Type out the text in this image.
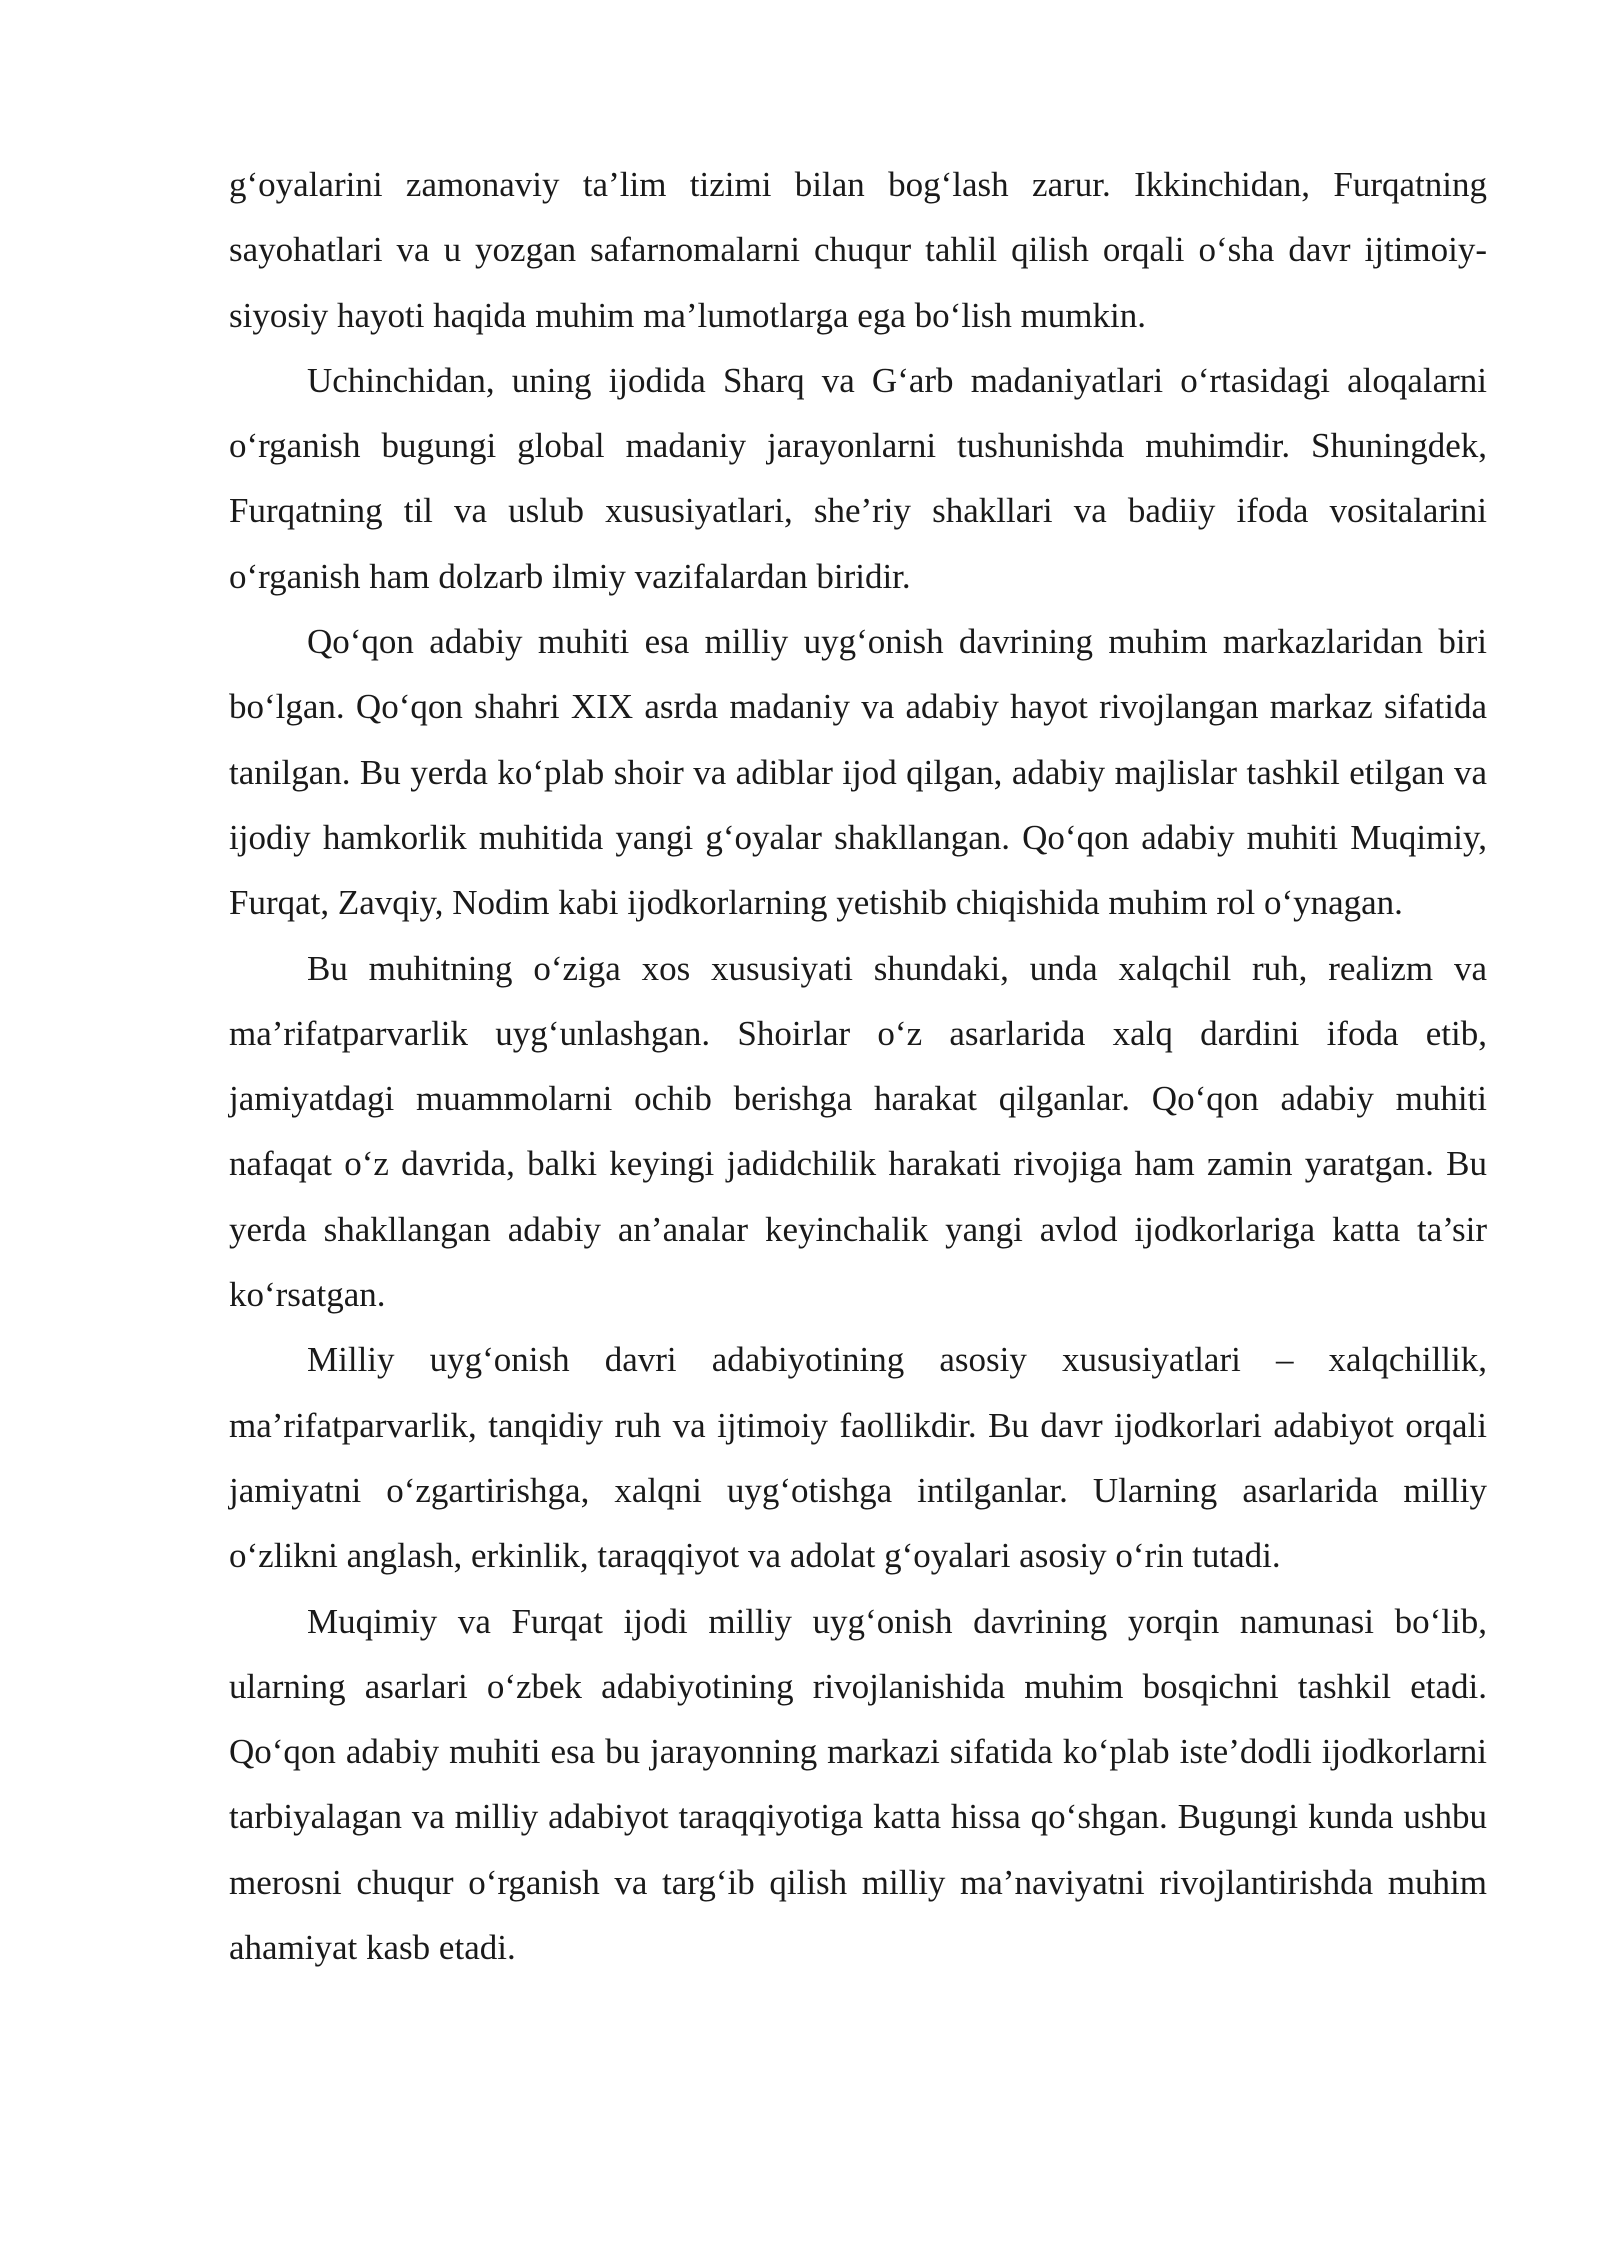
g‘oyalarini zamonaviy ta’lim tizimi bilan bog‘lash zarur. Ikkinchidan, Furqatning sayohatlari va u yozgan safarnomalarni chuqur tahlil qilish orqali o‘sha davr ijtimoiy-siyosiy hayoti haqida muhim ma’lumotlarga ega bo‘lish mumkin.

Uchinchidan, uning ijodida Sharq va G‘arb madaniyatlari o‘rtasidagi aloqalarni o‘rganish bugungi global madaniy jarayonlarni tushunishda muhimdir. Shuningdek, Furqatning til va uslub xususiyatlari, she’riy shakllari va badiiy ifoda vositalarini o‘rganish ham dolzarb ilmiy vazifalardan biridir.

Qo‘qon adabiy muhiti esa milliy uyg‘onish davrining muhim markazlaridan biri bo‘lgan. Qo‘qon shahri XIX asrda madaniy va adabiy hayot rivojlangan markaz sifatida tanilgan. Bu yerda ko‘plab shoir va adiblar ijod qilgan, adabiy majlislar tashkil etilgan va ijodiy hamkorlik muhitida yangi g‘oyalar shakllangan. Qo‘qon adabiy muhiti Muqimiy, Furqat, Zavqiy, Nodim kabi ijodkorlarning yetishib chiqishida muhim rol o‘ynagan.

Bu muhitning o‘ziga xos xususiyati shundaki, unda xalqchil ruh, realizm va ma’rifatparvarlik uyg‘unlashgan. Shoirlar o‘z asarlarida xalq dardini ifoda etib, jamiyatdagi muammolarni ochib berishga harakat qilganlar. Qo‘qon adabiy muhiti nafaqat o‘z davrida, balki keyingi jadidchilik harakati rivojiga ham zamin yaratgan. Bu yerda shakllangan adabiy an’analar keyinchalik yangi avlod ijodkorlariga katta ta’sir ko‘rsatgan.

Milliy uyg‘onish davri adabiyotining asosiy xususiyatlari – xalqchillik, ma’rifatparvarlik, tanqidiy ruh va ijtimoiy faollikdir. Bu davr ijodkorlari adabiyot orqali jamiyatni o‘zgartirishga, xalqni uyg‘otishga intilganlar. Ularning asarlarida milliy o‘zlikni anglash, erkinlik, taraqqiyot va adolat g‘oyalari asosiy o‘rin tutadi.

Muqimiy va Furqat ijodi milliy uyg‘onish davrining yorqin namunasi bo‘lib, ularning asarlari o‘zbek adabiyotining rivojlanishida muhim bosqichni tashkil etadi. Qo‘qon adabiy muhiti esa bu jarayonning markazi sifatida ko‘plab iste’dodli ijodkorlarni tarbiyalagan va milliy adabiyot taraqqiyotiga katta hissa qo‘shgan. Bugungi kunda ushbu merosni chuqur o‘rganish va targ‘ib qilish milliy ma’naviyatni rivojlantirishda muhim ahamiyat kasb etadi.
